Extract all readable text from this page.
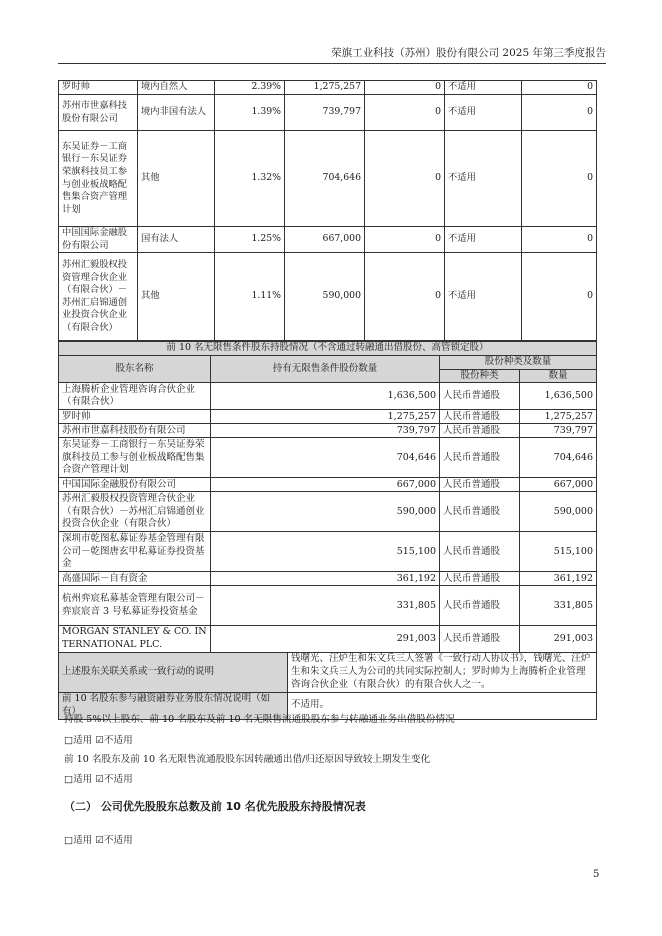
荣旗工业科技（苏州）股份有限公司 2025 年第三季度报告
罗时帅	境内自然人	2.39%	1,275,257	0	不适用	0
苏州市世嘉科技股份有限公司	境内非国有法人	1.39%	739,797	0	不适用	0
东吴证券－工商银行－东吴证券荣旗科技员工参与创业板战略配售集合资产管理计划	其他	1.32%	704,646	0	不适用	0
中国国际金融股份有限公司	国有法人	1.25%	667,000	0	不适用	0
苏州汇毅股权投资管理合伙企业（有限合伙）－苏州汇启锦通创业投资合伙企业（有限合伙）	其他	1.11%	590,000	0	不适用	0
前 10 名无限售条件股东持股情况（不含通过转融通出借股份、高管锁定股）				
股东名称	持有无限售条件股份数量		股份种类及数量	
			股份种类	数量
上海腾析企业管理咨询合伙企业（有限合伙）	1,636,500		人民币普通股	1,636,500
罗时帅	1,275,257		人民币普通股	1,275,257
苏州市世嘉科技股份有限公司	739,797		人民币普通股	739,797
东吴证券－工商银行－东吴证券荣旗科技员工参与创业板战略配售集合资产管理计划	704,646		人民币普通股	704,646
中国国际金融股份有限公司	667,000		人民币普通股	667,000
苏州汇毅股权投资管理合伙企业（有限合伙）－苏州汇启锦通创业投资合伙企业（有限合伙）	590,000		人民币普通股	590,000
深圳市乾图私募证券基金管理有限公司－乾图唐玄甲私募证券投资基金	515,100		人民币普通股	515,100
高盛国际－自有资金	361,192		人民币普通股	361,192
杭州弈宸私募基金管理有限公司－弈宸宸音 3 号私募证券投资基金	331,805		人民币普通股	331,805
MORGAN STANLEY & CO. INTERNATIONAL PLC.	291,003		人民币普通股	291,003
上述股东关联关系或一致行动的说明		钱曙光、汪炉生和朱文兵三人签署《一致行动人协议书》，钱曙光、汪炉生和朱文兵三人为公司的共同实际控制人；罗时帅为上海腾析企业管理咨询合伙企业（有限合伙）的有限合伙人之一。		
前 10 名股东参与融资融券业务股东情况说明（如有）		不适用。		
持股 5%以上股东、前 10 名股东及前 10 名无限售流通股股东参与转融通业务出借股份情况
□适用 ☑不适用
前 10 名股东及前 10 名无限售流通股股东因转融通出借/归还原因导致较上期发生变化
□适用 ☑不适用
（二） 公司优先股股东总数及前 10 名优先股股东持股情况表
□适用 ☑不适用
5
